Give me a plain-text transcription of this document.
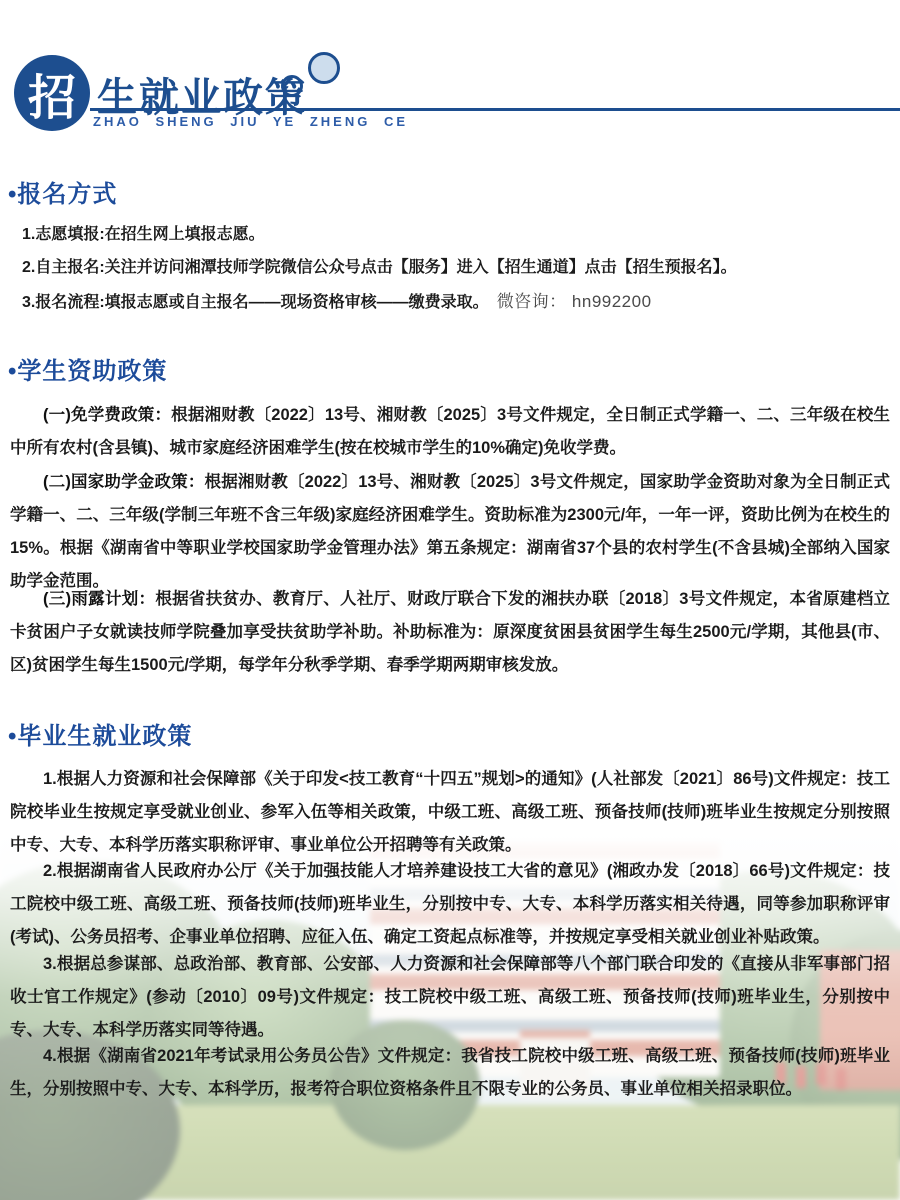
招 生就业政策
ZHAO SHENG JIU YE ZHENG CE
•报名方式
1.志愿填报:在招生网上填报志愿。
2.自主报名:关注并访问湘潭技师学院微信公众号点击【服务】进入【招生通道】点击【招生预报名】。
3.报名流程:填报志愿或自主报名——现场资格审核——缴费录取。 微咨询： hn992200
•学生资助政策

(一)免学费政策：根据湘财教〔2022〕13号、湘财教〔2025〕3号文件规定，全日制正式学籍一、二、三年级在校生中所有农村(含县镇)、城市家庭经济困难学生(按在校城市学生的10%确定)免收学费。

(二)国家助学金政策：根据湘财教〔2022〕13号、湘财教〔2025〕3号文件规定，国家助学金资助对象为全日制正式学籍一、二、三年级(学制三年班不含三年级)家庭经济困难学生。资助标准为2300元/年，一年一评，资助比例为在校生的15%。根据《湖南省中等职业学校国家助学金管理办法》第五条规定：湖南省37个县的农村学生(不含县城)全部纳入国家助学金范围。

(三)雨露计划：根据省扶贫办、教育厅、人社厅、财政厅联合下发的湘扶办联〔2018〕3号文件规定，本省原建档立卡贫困户子女就读技师学院叠加享受扶贫助学补助。补助标准为：原深度贫困县贫困学生每生2500元/学期，其他县(市、区)贫困学生每生1500元/学期，每学年分秋季学期、春季学期两期审核发放。

•毕业生就业政策

1.根据人力资源和社会保障部《关于印发<技工教育“十四五”规划>的通知》(人社部发〔2021〕86号)文件规定：技工院校毕业生按规定享受就业创业、参军入伍等相关政策，中级工班、高级工班、预备技师(技师)班毕业生按规定分别按照中专、大专、本科学历落实职称评审、事业单位公开招聘等有关政策。

2.根据湖南省人民政府办公厅《关于加强技能人才培养建设技工大省的意见》(湘政办发〔2018〕66号)文件规定：技工院校中级工班、高级工班、预备技师(技师)班毕业生，分别按中专、大专、本科学历落实相关待遇，同等参加职称评审(考试)、公务员招考、企事业单位招聘、应征入伍、确定工资起点标准等，并按规定享受相关就业创业补贴政策。

3.根据总参谋部、总政治部、教育部、公安部、人力资源和社会保障部等八个部门联合印发的《直接从非军事部门招收士官工作规定》(参动〔2010〕09号)文件规定：技工院校中级工班、高级工班、预备技师(技师)班毕业生，分别按中专、大专、本科学历落实同等待遇。

4.根据《湖南省2021年考试录用公务员公告》文件规定：我省技工院校中级工班、高级工班、预备技师(技师)班毕业生，分别按照中专、大专、本科学历，报考符合职位资格条件且不限专业的公务员、事业单位相关招录职位。
